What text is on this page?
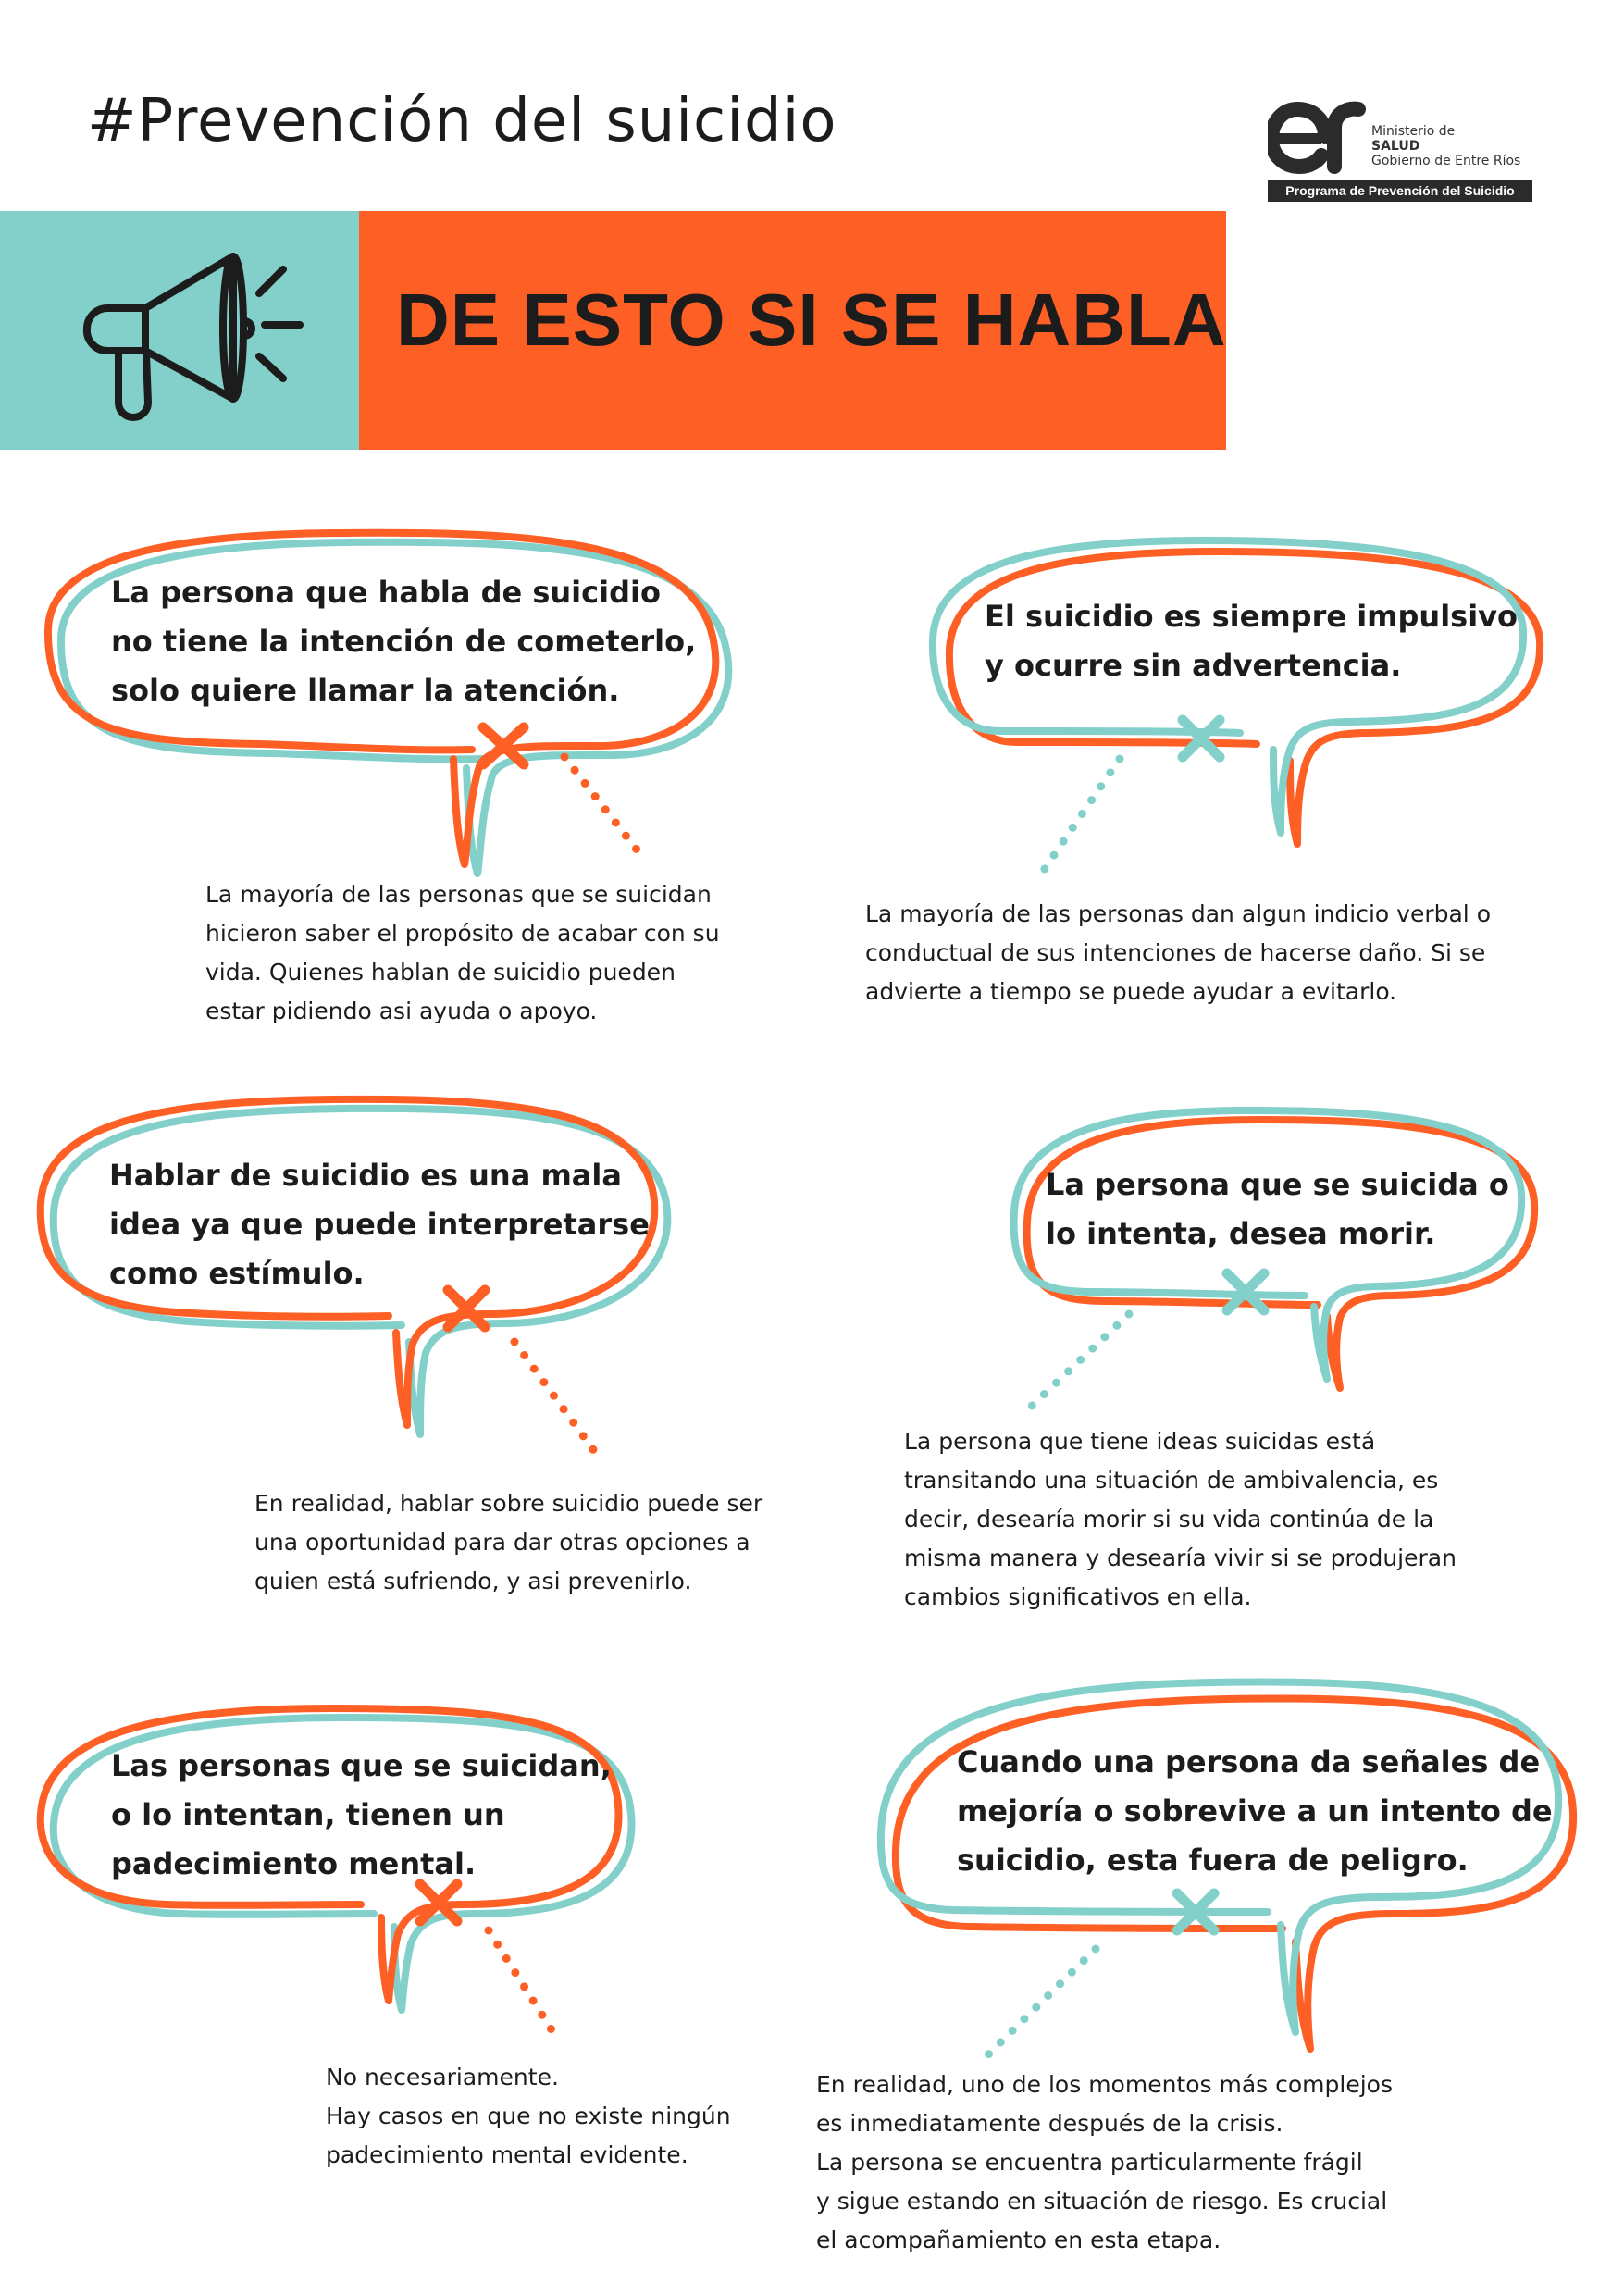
#Prevención del suicidio	Ministerio de
SALUD
Gobierno de Entre Ríos
Programa de Prevención del Suicidio
DE ESTO SI SE HABLA

La persona que habla de suicidio
no tiene la intención de cometerlo,
solo quiere llamar la atención.

La mayoría de las personas que se suicidan
hicieron saber el propósito de acabar con su
vida. Quienes hablan de suicidio pueden
estar pidiendo asi ayuda o apoyo.

El suicidio es siempre impulsivo
y ocurre sin advertencia.

La mayoría de las personas dan algun indicio verbal o
conductual de sus intenciones de hacerse daño. Si se
advierte a tiempo se puede ayudar a evitarlo.

Hablar de suicidio es una mala
idea ya que puede interpretarse
como estímulo.

En realidad, hablar sobre suicidio puede ser
una oportunidad para dar otras opciones a
quien está sufriendo, y asi prevenirlo.

La persona que se suicida o
lo intenta, desea morir.

La persona que tiene ideas suicidas está
transitando una situación de ambivalencia, es
decir, desearía morir si su vida continúa de la
misma manera y desearía vivir si se produjeran
cambios significativos en ella.

Las personas que se suicidan,
o lo intentan, tienen un
padecimiento mental.

No necesariamente.
Hay casos en que no existe ningún
padecimiento mental evidente.

Cuando una persona da señales de
mejoría o sobrevive a un intento de
suicidio, esta fuera de peligro.

En realidad, uno de los momentos más complejos
es inmediatamente después de la crisis.
La persona se encuentra particularmente frágil
y sigue estando en situación de riesgo. Es crucial
el acompañamiento en esta etapa.
